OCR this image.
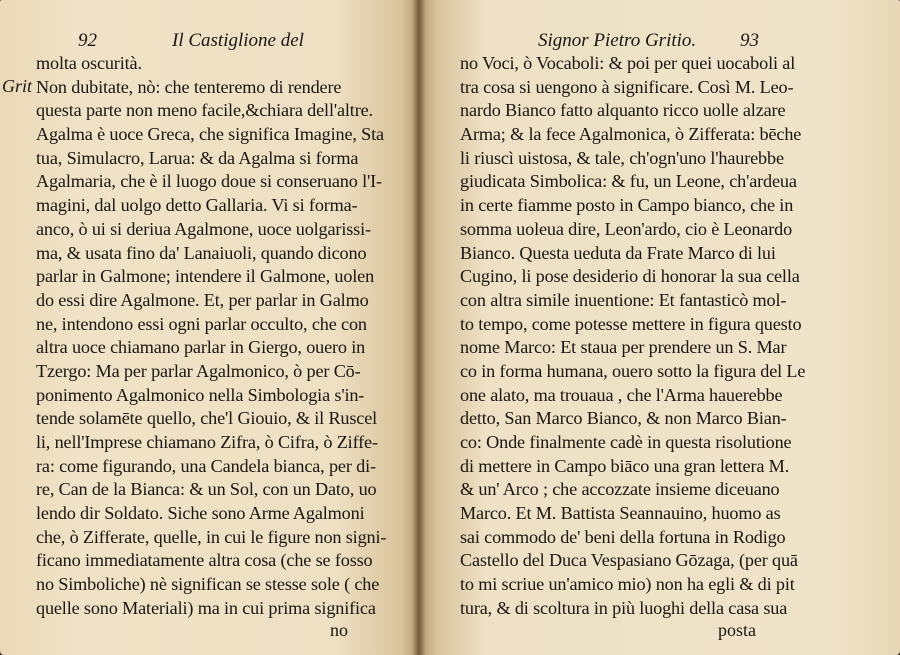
92	Il Castiglione del
Grit
molta oscurità.
Non dubitate, nò: che tenteremo di rendere
questa parte non meno facile,&chiara dell'altre.
Agalma è uoce Greca, che significa Imagine, Sta
tua, Simulacro, Larua: & da Agalma si forma
Agalmaria, che è il luogo doue si conseruano l'I-
magini, dal uolgo detto Gallaria. Vi si forma-
anco, ò ui si deriua Agalmone, uoce uolgarissi-
ma, & usata fino da' Lanaiuoli, quando dicono
parlar in Galmone; intendere il Galmone, uolen
do essi dire Agalmone. Et, per parlar in Galmo
ne, intendono essi ogni parlar occulto, che con
altra uoce chiamano parlar in Giergo, ouero in
Tzergo: Ma per parlar Agalmonico, ò per Cō-
ponimento Agalmonico nella Simbologia s'in-
tende solamēte quello, che'l Giouio, & il Ruscel
li, nell'Imprese chiamano Zifra, ò Cifra, ò Ziffe-
ra: come figurando, una Candela bianca, per di-
re, Can de la Bianca: & un Sol, con un Dato, uo
lendo dir Soldato. Siche sono Arme Agalmoni
che, ò Zifferate, quelle, in cui le figure non signi-
ficano immediatamente altra cosa (che se fosso
no Simboliche) nè significan se stesse sole ( che
quelle sono Materiali) ma in cui prima significa
no
Signor Pietro Gritio. 93
no Voci, ò Vocaboli: & poi per quei uocaboli al
tra cosa si uengono à significare. Così M. Leo-
nardo Bianco fatto alquanto ricco uolle alzare
Arma; & la fece Agalmonica, ò Zifferata: bēche
li riuscì uistosa, & tale, ch'ogn'uno l'haurebbe
giudicata Simbolica: & fu, un Leone, ch'ardeua
in certe fiamme posto in Campo bianco, che in
somma uoleua dire, Leon'ardo, cio è Leonardo
Bianco. Questa ueduta da Frate Marco di lui
Cugino, li pose desiderio di honorar la sua cella
con altra simile inuentione: Et fantasticò mol-
to tempo, come potesse mettere in figura questo
nome Marco: Et staua per prendere un S. Mar
co in forma humana, ouero sotto la figura del Le
one alato, ma trouaua , che l'Arma hauerebbe
detto, San Marco Bianco, & non Marco Bian-
co: Onde finalmente cadè in questa risolutione
di mettere in Campo biāco una gran lettera M.
& un' Arco ; che accozzate insieme diceuano
Marco. Et M. Battista Seannauino, huomo as
sai commodo de' beni della fortuna in Rodigo
Castello del Duca Vespasiano Gōzaga, (per quā
to mi scriue un'amico mio) non ha egli & di pit
tura, & di scoltura in più luoghi della casa sua
posta
